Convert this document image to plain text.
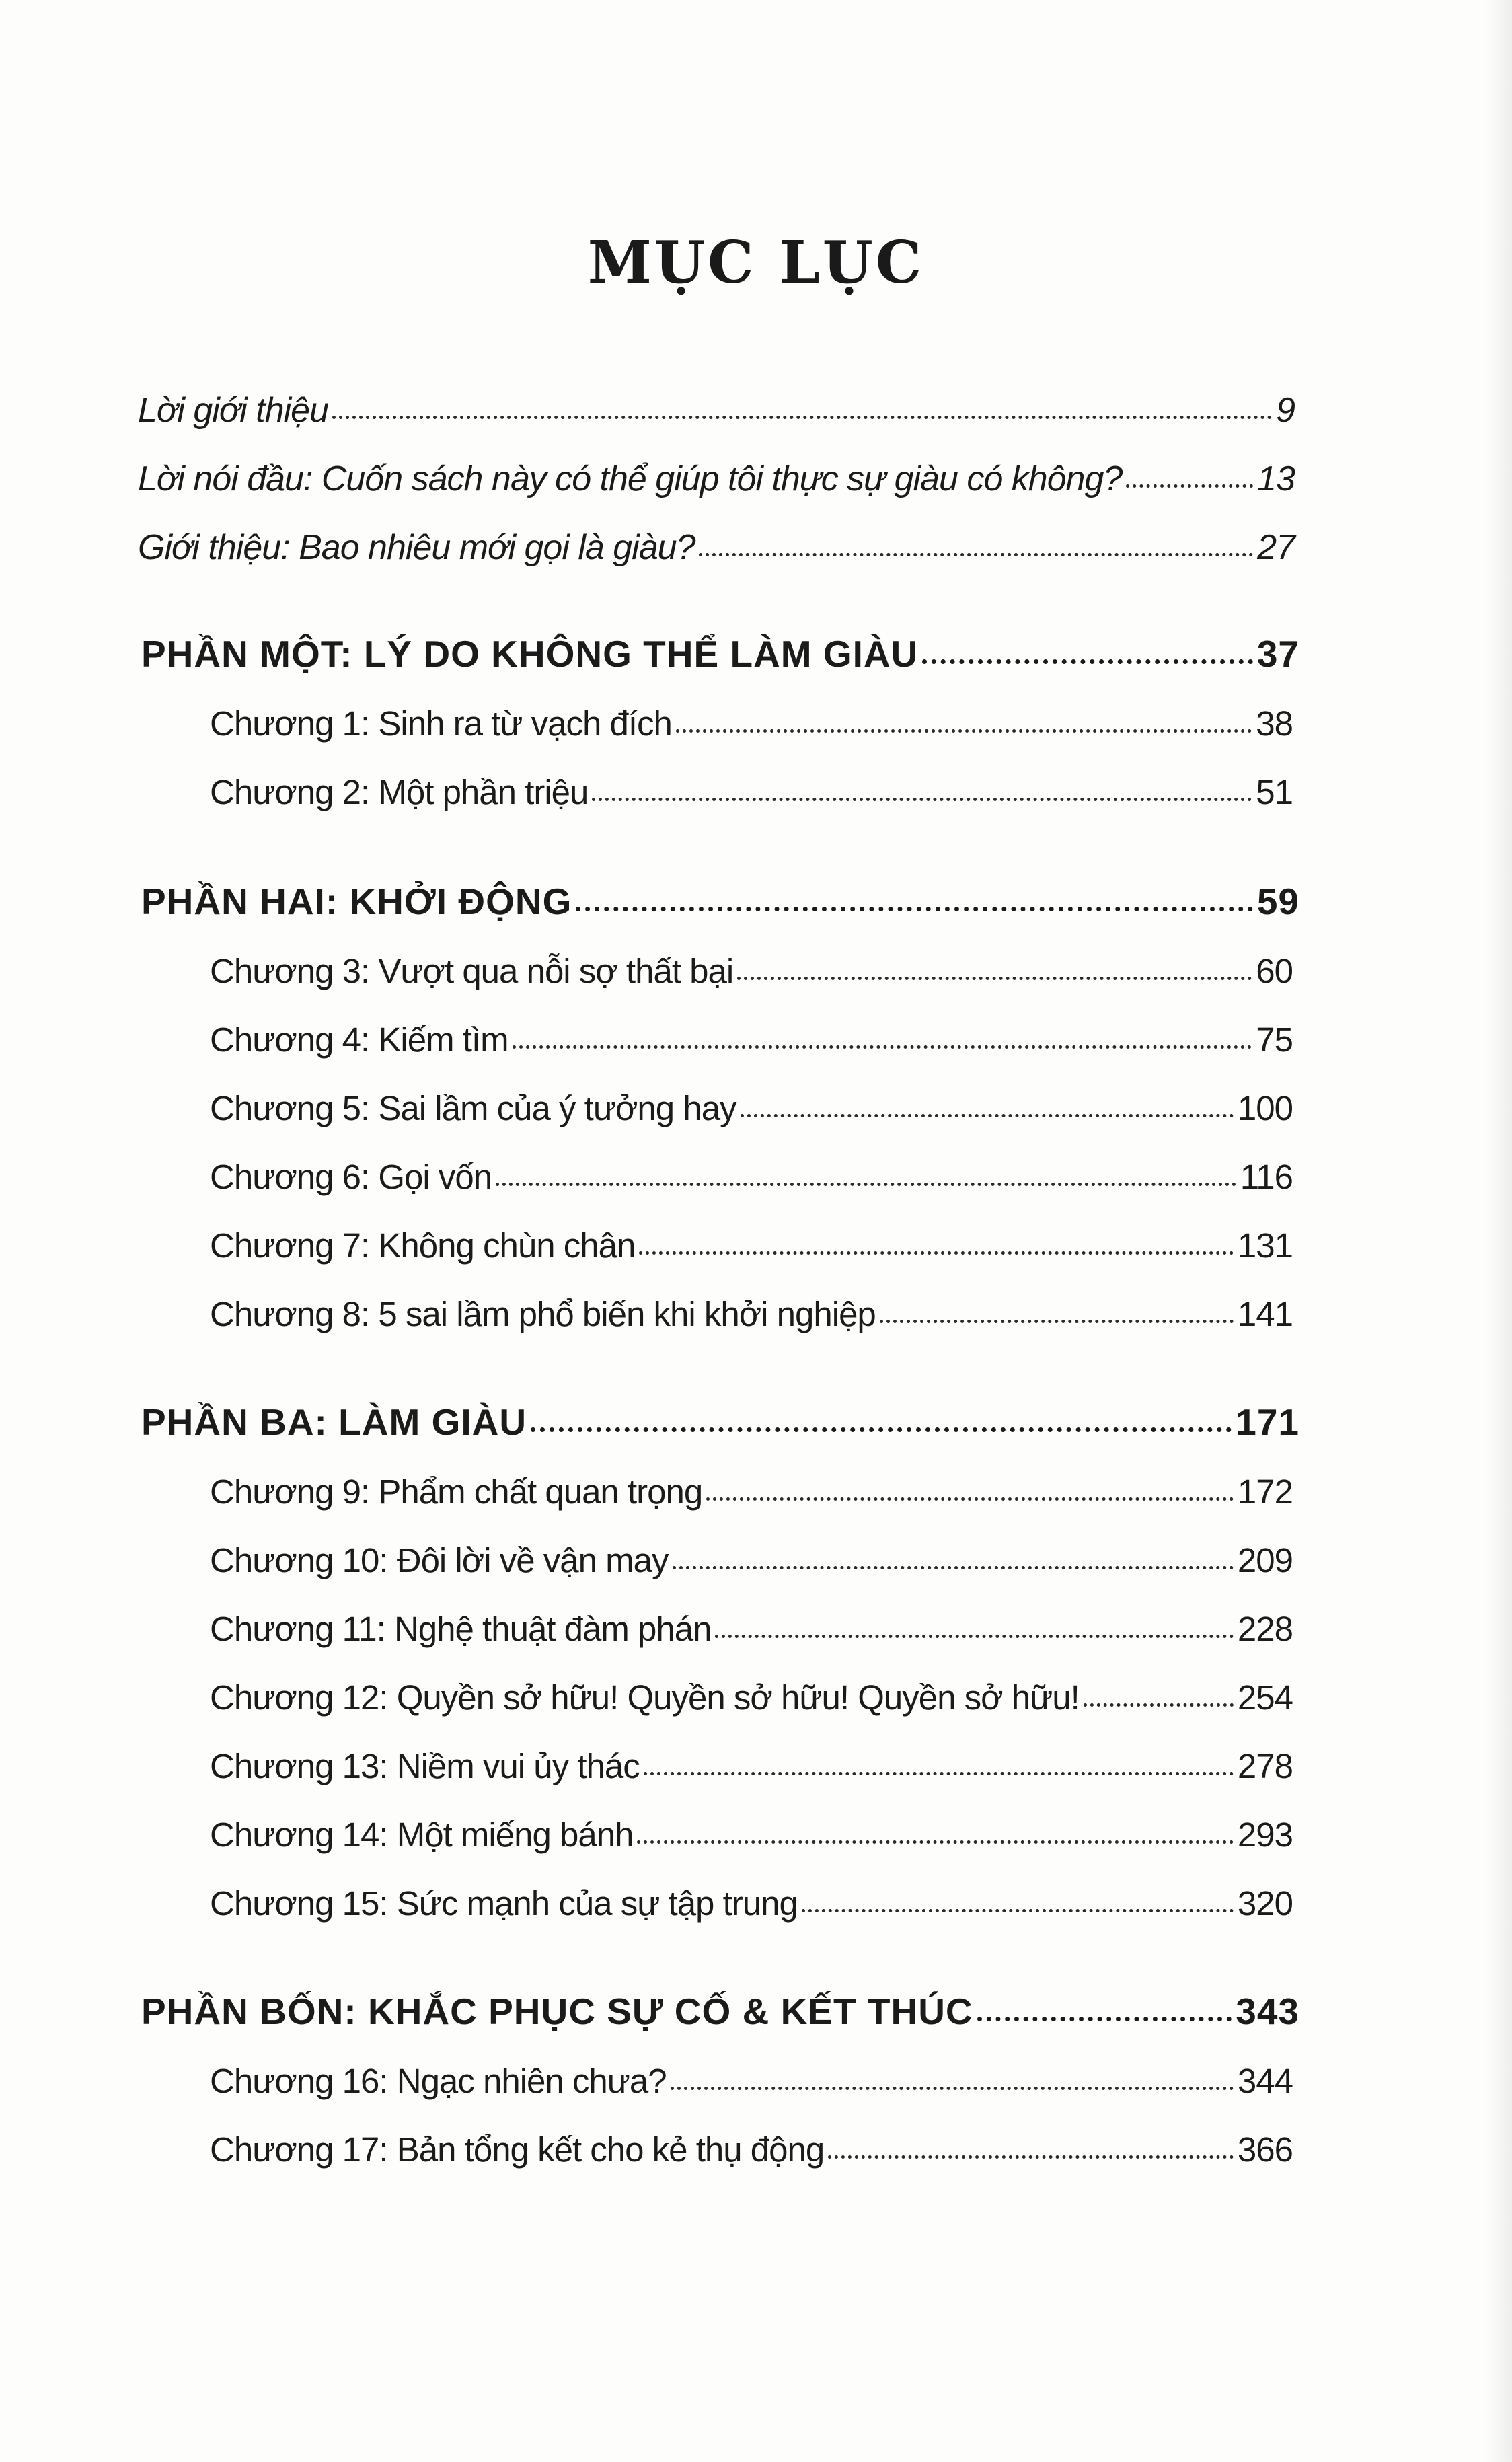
MỤC LỤC
Lời giới thiệu	9
Lời nói đầu: Cuốn sách này có thể giúp tôi thực sự giàu có không?	13
Giới thiệu: Bao nhiêu mới gọi là giàu?	27
PHẦN MỘT: LÝ DO KHÔNG THỂ LÀM GIÀU	37
Chương 1: Sinh ra từ vạch đích	38
Chương 2: Một phần triệu	51
PHẦN HAI: KHỞI ĐỘNG	59
Chương 3: Vượt qua nỗi sợ thất bại	60
Chương 4: Kiếm tìm	75
Chương 5: Sai lầm của ý tưởng hay	100
Chương 6: Gọi vốn	116
Chương 7: Không chùn chân	131
Chương 8: 5 sai lầm phổ biến khi khởi nghiệp	141
PHẦN BA: LÀM GIÀU	171
Chương 9: Phẩm chất quan trọng	172
Chương 10: Đôi lời về vận may	209
Chương 11: Nghệ thuật đàm phán	228
Chương 12: Quyền sở hữu! Quyền sở hữu! Quyền sở hữu!	254
Chương 13: Niềm vui ủy thác	278
Chương 14: Một miếng bánh	293
Chương 15: Sức mạnh của sự tập trung	320
PHẦN BỐN: KHẮC PHỤC SỰ CỐ & KẾT THÚC	343
Chương 16: Ngạc nhiên chưa?	344
Chương 17: Bản tổng kết cho kẻ thụ động	366
